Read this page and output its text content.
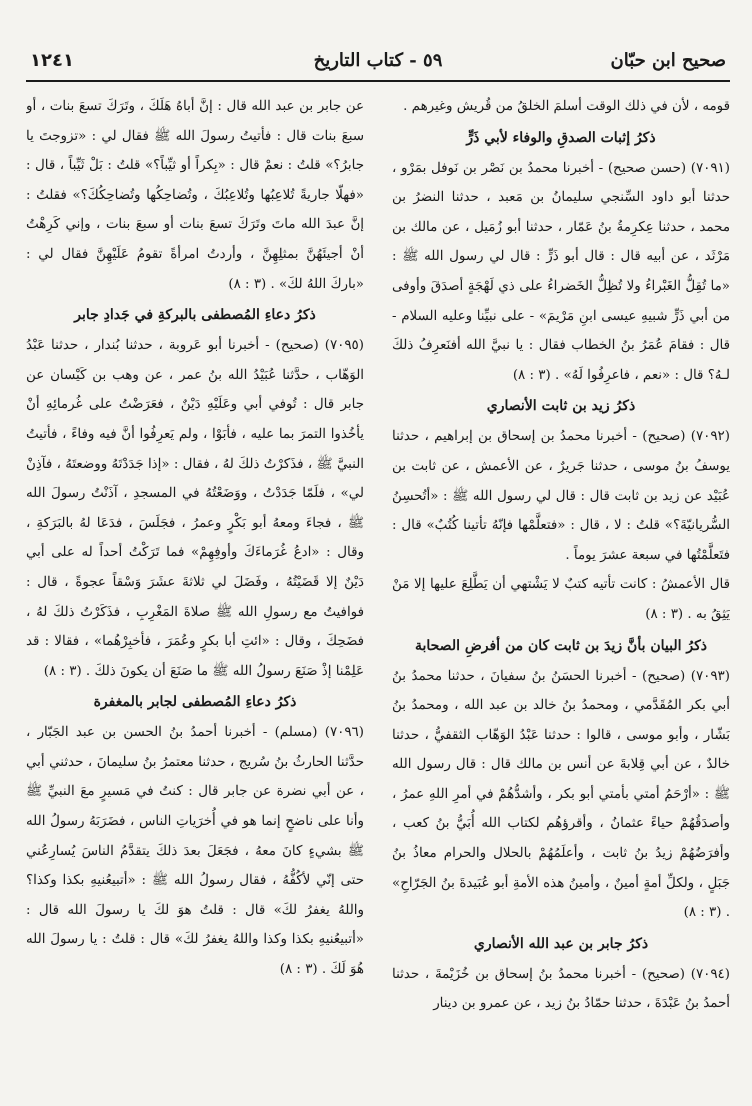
صحيح ابن حبّان
٥٩ - كتاب التاريخ
١٢٤١

قومه ، لأن في ذلك الوقت أسلمَ الخلقُ من قُريش وغيرهم .

ذكرُ إثبات الصدقِ والوفاء لأبي ذَرٍّ

(٧٠٩١) (حسن صحيح) - أخبرنا محمدُ بن نَصْر بن نَوفل بمَرْو ، حدثنا أبو داود السِّنجي سليمانُ بن مَعبد ، حدثنا النضرُ بن محمد ، حدثنا عِكرِمةُ بنُ عَمّار ، حدثنا أبو زُمَيل ، عن مالك بن مَرْثَد ، عن أبيه قال : قال أبو ذَرٍّ : قال لي رسول الله ﷺ : «ما تُقِلُّ الغَبْراءُ ولا تُظِلُّ الخَضراءُ على ذي لَهْجَةٍ أصدَقَ وأوفى من أبي ذَرٍّ شبيهِ عيسى ابنِ مَرْيمَ» - على نبيِّنا وعليه السلام - قال : فقامَ عُمَرُ بنُ الخطاب فقال : يا نبيَّ الله أفنَعرِفُ ذلكَ لـهُ؟ قال : «نعم ، فاعرِفُوا لَهُ» . (٣ : ٨)

ذكرُ زيد بن ثابت الأنصاري

(٧٠٩٢) (صحيح) - أخبرنا محمدُ بن إسحاق بن إبراهيم ، حدثنا يوسفُ بنُ موسى ، حدثنا جَريرٌ ، عن الأعمش ، عن ثابت بن عُبَيْد عن زيد بن ثابت قال : قال لي رسول الله ﷺ : «أتُحسِنُ السُّريانيّةَ؟» قلتُ : لا ، قال : «فتعلَّمْها فإنّهُ تأتينا كُتُبٌ» قال : فتَعلَّمْتُها في سبعة عشرَ يوماً .

قال الأعمشُ : كانت تأتيه كتبٌ لا يَشْتهي أن يَطَّلِعَ عليها إلا مَنْ يَثِقُ به . (٣ : ٨)

ذكرُ البيان بأنَّ زيدَ بن ثابت كان من أفرضِ الصحابة

(٧٠٩٣) (صحيح) - أخبرنا الحسَنُ بنُ سفيانَ ، حدثنا محمدُ بنُ أبي بكر المُقَدَّمي ، ومحمدُ بنُ خالد بن عبد الله ، ومحمدُ بنُ بَشّار ، وأبو موسى ، قالوا : حدثنا عَبْدُ الوَهّاب الثقفيُّ ، حدثنا خالدٌ ، عن أبي قِلابةَ عن أنس بن مالك قال : قال رسول الله ﷺ : «أرْحَمُ أمتي بأمتي أبو بكر ، وأشدُّهُمْ في أمرِ اللهِ عمرُ ، وأصدَقُهُمْ حياءً عثمانُ ، وأقرؤهُم لكتاب الله أُبَيُّ بنُ كعب ، وأفرَضُهُمْ زيدُ بنُ ثابت ، وأعلَمُهُمْ بالحلال والحرام معاذُ بنُ جَبَلٍ ، ولكلِّ أمةٍ أمينٌ ، وأمينُ هذه الأمةِ أبو عُبَيدةَ بنُ الجَرّاحِ» . (٣ : ٨)

ذكرُ جابر بن عبد الله الأنصاري

(٧٠٩٤) (صحيح) - أخبرنا محمدُ بنُ إسحاق بن خُزَيْمةَ ، حدثنا أحمدُ بنُ عَبْدَةَ ، حدثنا حمّادُ بنُ زيد ، عن عمرو بن دينار

عن جابر بن عبد الله قال : إنَّ أباهُ هَلَكَ ، وتَرَكَ تسعَ بنات ، أو سبعَ بنات قال : فأتيتُ رسولَ الله ﷺ فقال لي : «تزوجتَ يا جابرُ؟» قلتُ : نعمْ قال : «بِكراً أو ثيِّباً؟» قلتُ : بَلْ ثَيِّباً ، قال : «فهلّا جاريةً تُلاعِبُها وتُلاعِبُكَ ، وتُضاحِكُها وتُضاحِكُكَ؟» فقلتُ : إنَّ عبدَ الله ماتَ وتَرَكَ تسعَ بنات أو سبعَ بنات ، وإني كَرِهْتُ أنْ أجيئَهُنَّ بمثلِهِنَّ ، وأردتُ امرأةً تقومُ عَلَيْهِنَّ فقال لي : «باركَ اللهُ لكَ» . (٣ : ٨)

ذكرُ دعاءِ المُصطفى بالبركةِ في جَدادِ جابر

(٧٠٩٥) (صحيح) - أخبرنا أبو عَروبة ، حدثنا بُندار ، حدثنا عَبْدُ الوَهّاب ، حدَّثنا عُبَيْدُ الله بنُ عمر ، عن وهب بن كَيْسان عن جابر قال : تُوفي أبي وعَلَيْهِ دَيْنٌ ، فعَرَضْتُ على غُرمائِهِ أنْ يأخُذوا التمرَ بما عليه ، فأبَوْا ، ولم يَعرِفُوا أنَّ فيه وفاءً ، فأتيتُ النبيَّ ﷺ ، فذَكرْتُ ذلكَ لهُ ، فقال : «إذا جَدَدْتَهُ ووضعتَهُ ، فآذِنْ لي» ، فلَمّا جَدَدْتُ ، ووَضَعْتُهُ في المسجدِ ، آذَنْتُ رسولَ الله ﷺ ، فجاءَ ومعهُ أبو بَكْرٍ وعمرُ ، فجَلَسَ ، فدَعَا لهُ بالبَرَكةِ ، وقال : «ادعُ غُرَماءَكَ وأوفِهِمْ» فما تَرَكْتُ أحداً له على أبي دَيْنٌ إلا قَضَيْتُهُ ، وفَضَلَ لي ثلاثةَ عشَرَ وَسْقاً عجوةً ، قال : فوافيتُ مع رسولِ الله ﷺ صلاةَ المَغْرِبِ ، فذَكَرْتُ ذلكَ لهُ ، فضَحِكَ ، وقال : «ائتِ أبا بكرٍ وعُمَرَ ، فأخبِرْهُما» ، فقالا : قد عَلِمْنا إذْ صَنَعَ رسولُ الله ﷺ ما صَنَعَ أن يكونَ ذلكَ . (٣ : ٨)

ذكرُ دعاءِ المُصطفى لجابر بالمغفرة

(٧٠٩٦) (مسلم) - أخبرنا أحمدُ بنُ الحسن بن عبد الجَبّار ، حدَّثنا الحارثُ بنُ سُريج ، حدثنا معتمرُ بنُ سليمانَ ، حدثني أبي ، عن أبي نضرة عن جابر قال : كنتُ في مَسيرٍ معَ النبيِّ ﷺ وأنا على ناضحٍ إنما هو في أُخرَياتِ الناس ، فضَرَبَهُ رسولُ الله ﷺ بشيءٍ كانَ معهُ ، فجَعَلَ بعدَ ذلكَ يتقدَّمُ الناسَ يُسارِعُني حتى إنّي لأكُفُّهُ ، فقال رسولُ الله ﷺ : «أتبيعُنيهِ بكذا وكذا؟ واللهُ يغفرُ لكَ» قال : قلتُ هوَ لكَ يا رسولَ الله قال : «أتبيعُنيهِ بكذا وكذا واللهُ يغفرُ لكَ» قال : قلتُ : يا رسولَ الله هُوَ لَكَ . (٣ : ٨)
